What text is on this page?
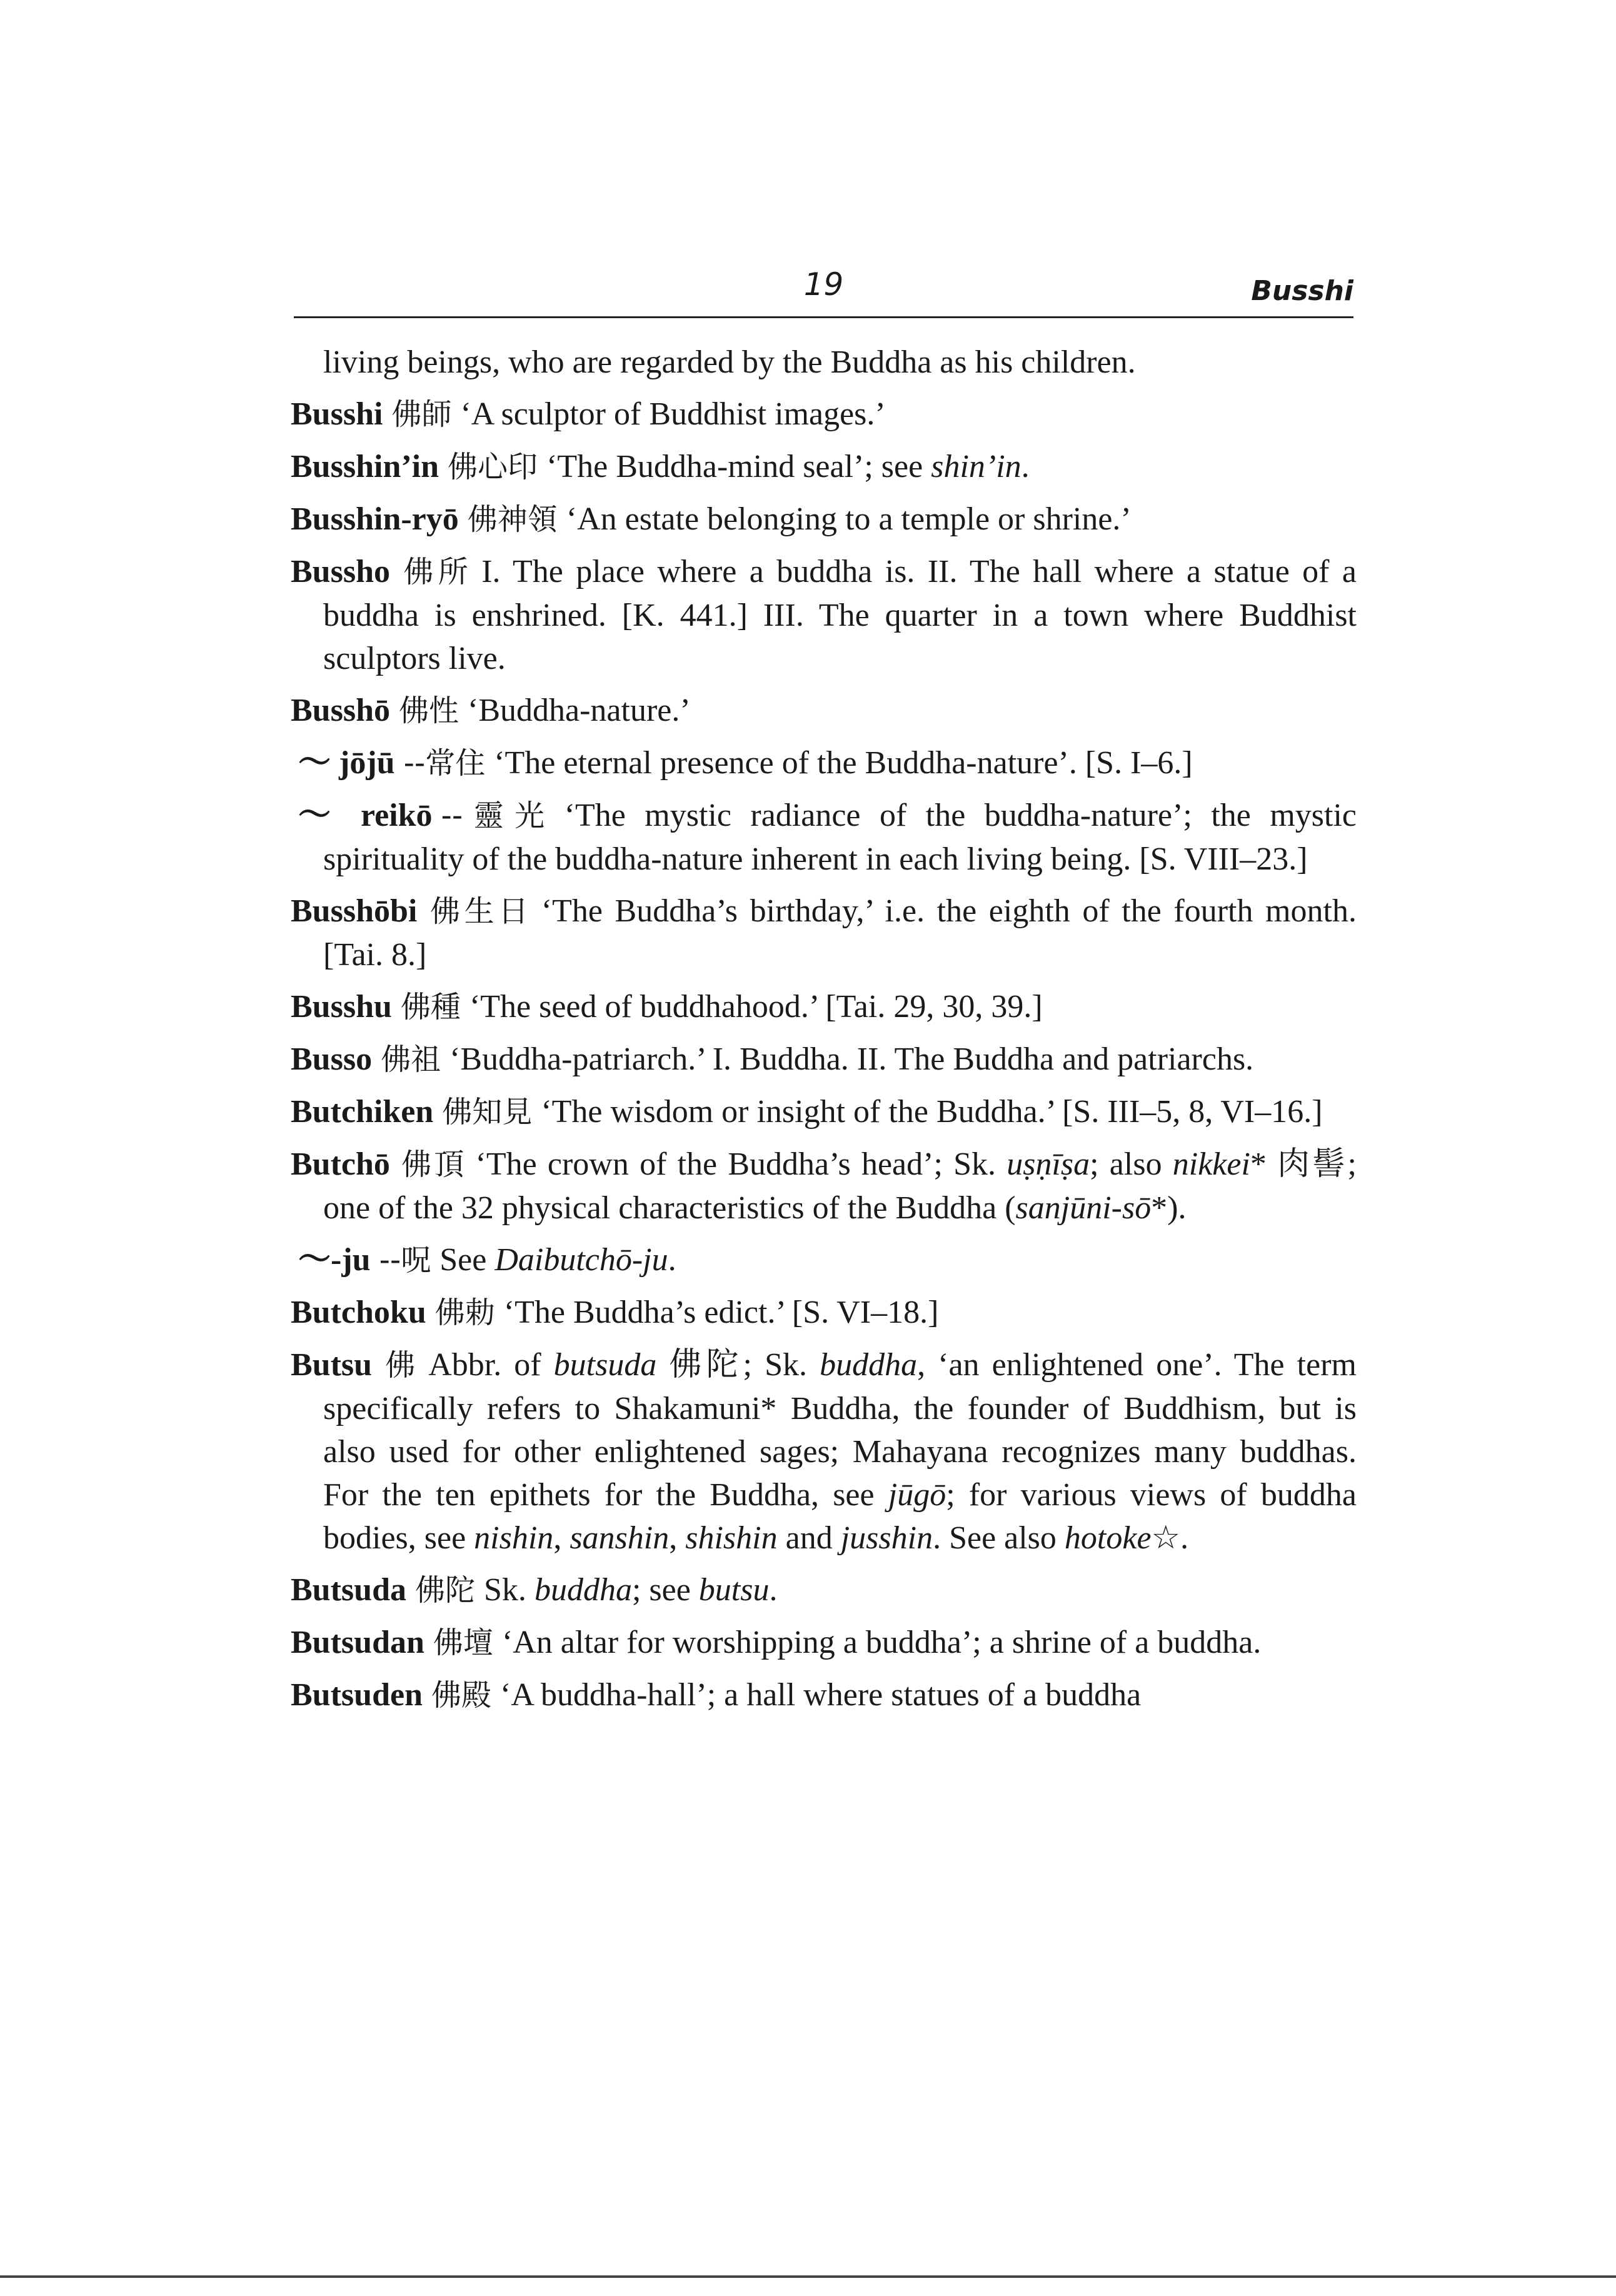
19	Busshi
living beings, who are regarded by the Buddha as his children.
Busshi 佛師 ‘A sculptor of Buddhist images.’
Busshin’in 佛心印 ‘The Buddha-mind seal’; see shin’in.
Busshin-ryō 佛神領 ‘An estate belonging to a temple or shrine.’
Bussho 佛所 I. The place where a buddha is. II. The hall where a statue of a buddha is enshrined. [K. 441.] III. The quarter in a town where Buddhist sculptors live.
Busshō 佛性 ‘Buddha-nature.’
～ jōjū --常住 ‘The eternal presence of the Buddha-nature’. [S. I–6.]
～ reikō --靈光 ‘The mystic radiance of the buddha-nature’; the mystic spirituality of the buddha-nature inherent in each living being. [S. VIII–23.]
Busshōbi 佛生日 ‘The Buddha’s birthday,’ i.e. the eighth of the fourth month. [Tai. 8.]
Busshu 佛種 ‘The seed of buddhahood.’ [Tai. 29, 30, 39.]
Busso 佛祖 ‘Buddha-patriarch.’ I. Buddha. II. The Buddha and patriarchs.
Butchiken 佛知見 ‘The wisdom or insight of the Buddha.’ [S. III–5, 8, VI–16.]
Butchō 佛頂 ‘The crown of the Buddha’s head’; Sk. uṣṇīṣa; also nikkei* 肉髻; one of the 32 physical characteristics of the Buddha (sanjūni-sō*).
～-ju --呪 See Daibutchō-ju.
Butchoku 佛勅 ‘The Buddha’s edict.’ [S. VI–18.]
Butsu 佛 Abbr. of butsuda 佛陀; Sk. buddha, ‘an enlightened one’. The term specifically refers to Shakamuni* Buddha, the founder of Buddhism, but is also used for other enlightened sages; Mahayana recognizes many buddhas. For the ten epithets for the Buddha, see jūgō; for various views of buddha bodies, see nishin, sanshin, shishin and jusshin. See also hotoke☆.
Butsuda 佛陀 Sk. buddha; see butsu.
Butsudan 佛壇 ‘An altar for worshipping a buddha’; a shrine of a buddha.
Butsuden 佛殿 ‘A buddha-hall’; a hall where statues of a buddha
